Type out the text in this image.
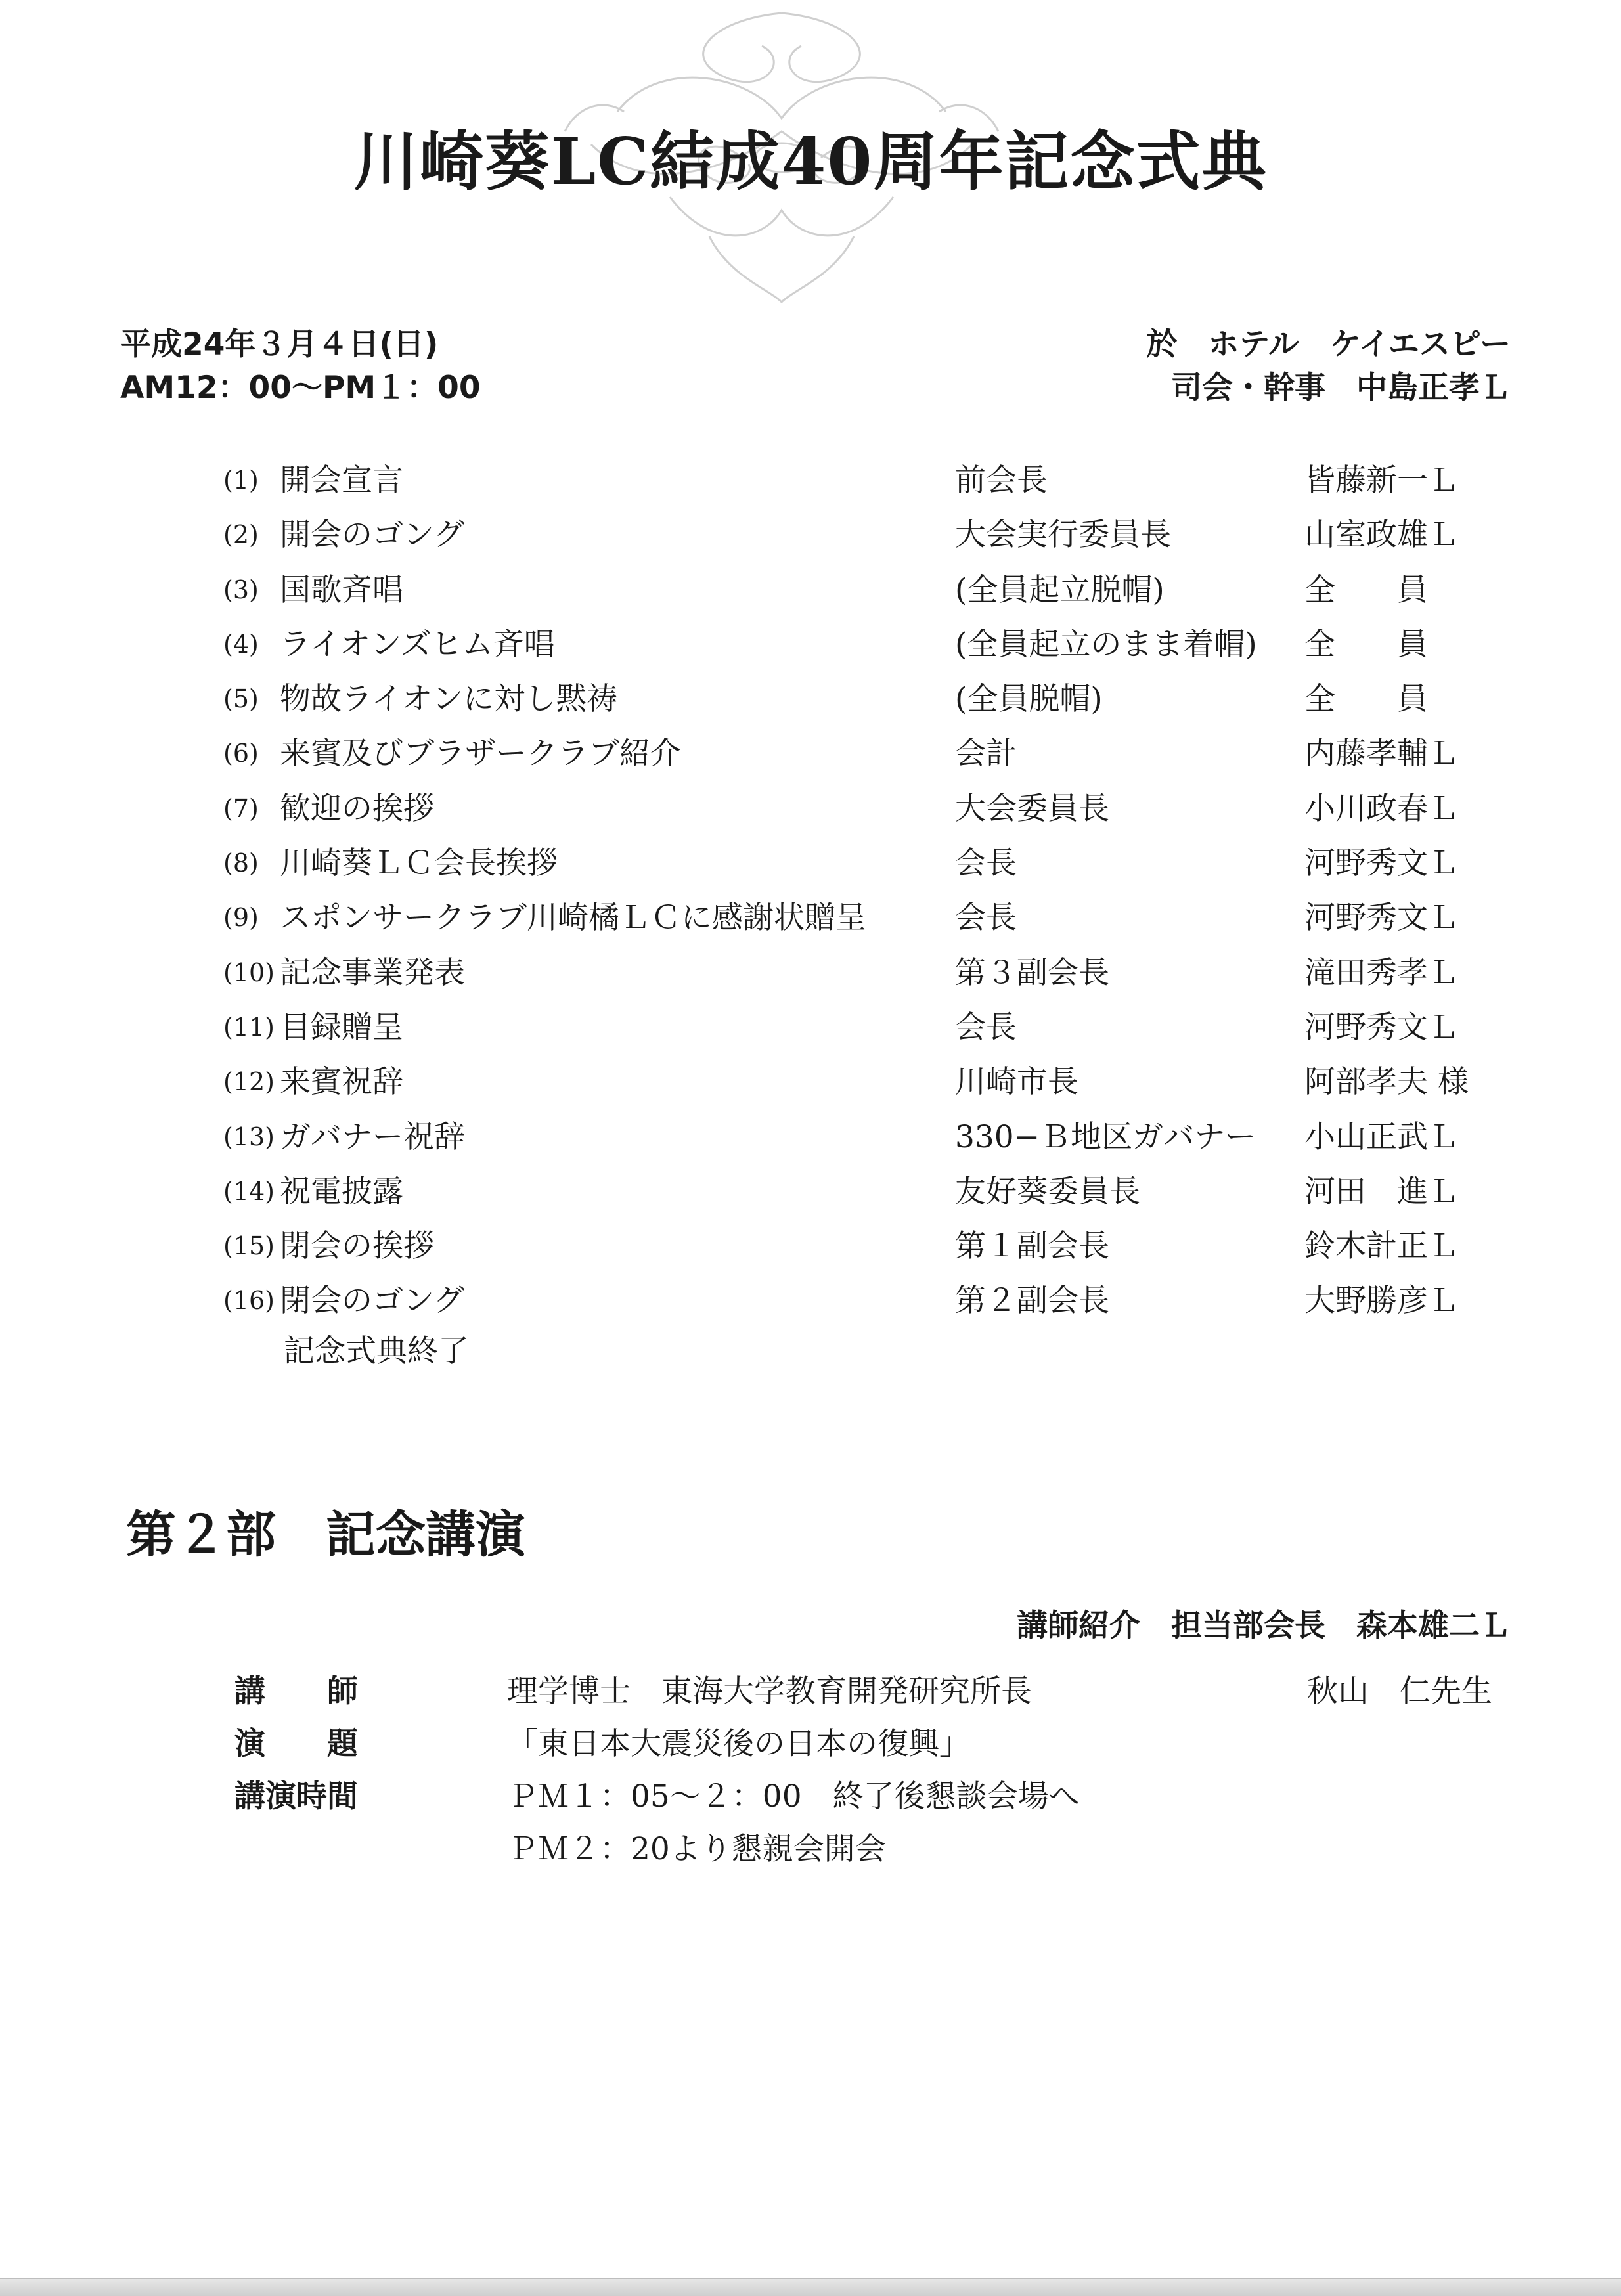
川崎葵LC結成40周年記念式典
平成24年３月４日(日)
AM12：00〜PM１：00
於　ホテル　ケイエスピー
司会・幹事　中島正孝Ｌ
(1) 開会宣言	前会長	皆藤新一Ｌ
(2) 開会のゴング	大会実行委員長	山室政雄Ｌ
(3) 国歌斉唱	(全員起立脱帽)	全　　員
(4) ライオンズヒム斉唱	(全員起立のまま着帽) 全　　員
(5) 物故ライオンに対し黙祷	(全員脱帽)	全　　員
(6) 来賓及びブラザークラブ紹介	会計	内藤孝輔Ｌ
(7) 歓迎の挨拶	大会委員長	小川政春Ｌ
(8) 川崎葵ＬＣ会長挨拶	会長	河野秀文Ｌ
(9) スポンサークラブ川崎橘ＬＣに感謝状贈呈	会長	河野秀文Ｌ
(10) 記念事業発表	第３副会長	滝田秀孝Ｌ
(11) 目録贈呈	会長	河野秀文Ｌ
(12) 来賓祝辞	川崎市長	阿部孝夫 様
(13) ガバナー祝辞	330−Ｂ地区ガバナー 小山正武Ｌ
(14) 祝電披露	友好葵委員長	河田　進Ｌ
(15) 閉会の挨拶	第１副会長	鈴木計正Ｌ
(16) 閉会のゴング	第２副会長	大野勝彦Ｌ
記念式典終了
第２部　記念講演
講師紹介　担当部会長　森本雄二Ｌ
講　　師	理学博士　東海大学教育開発研究所長	秋山　仁先生
演　　題	「東日本大震災後の日本の復興」
講演時間	ＰＭ１：05〜２：00　終了後懇談会場へ
ＰＭ２：20より懇親会開会
